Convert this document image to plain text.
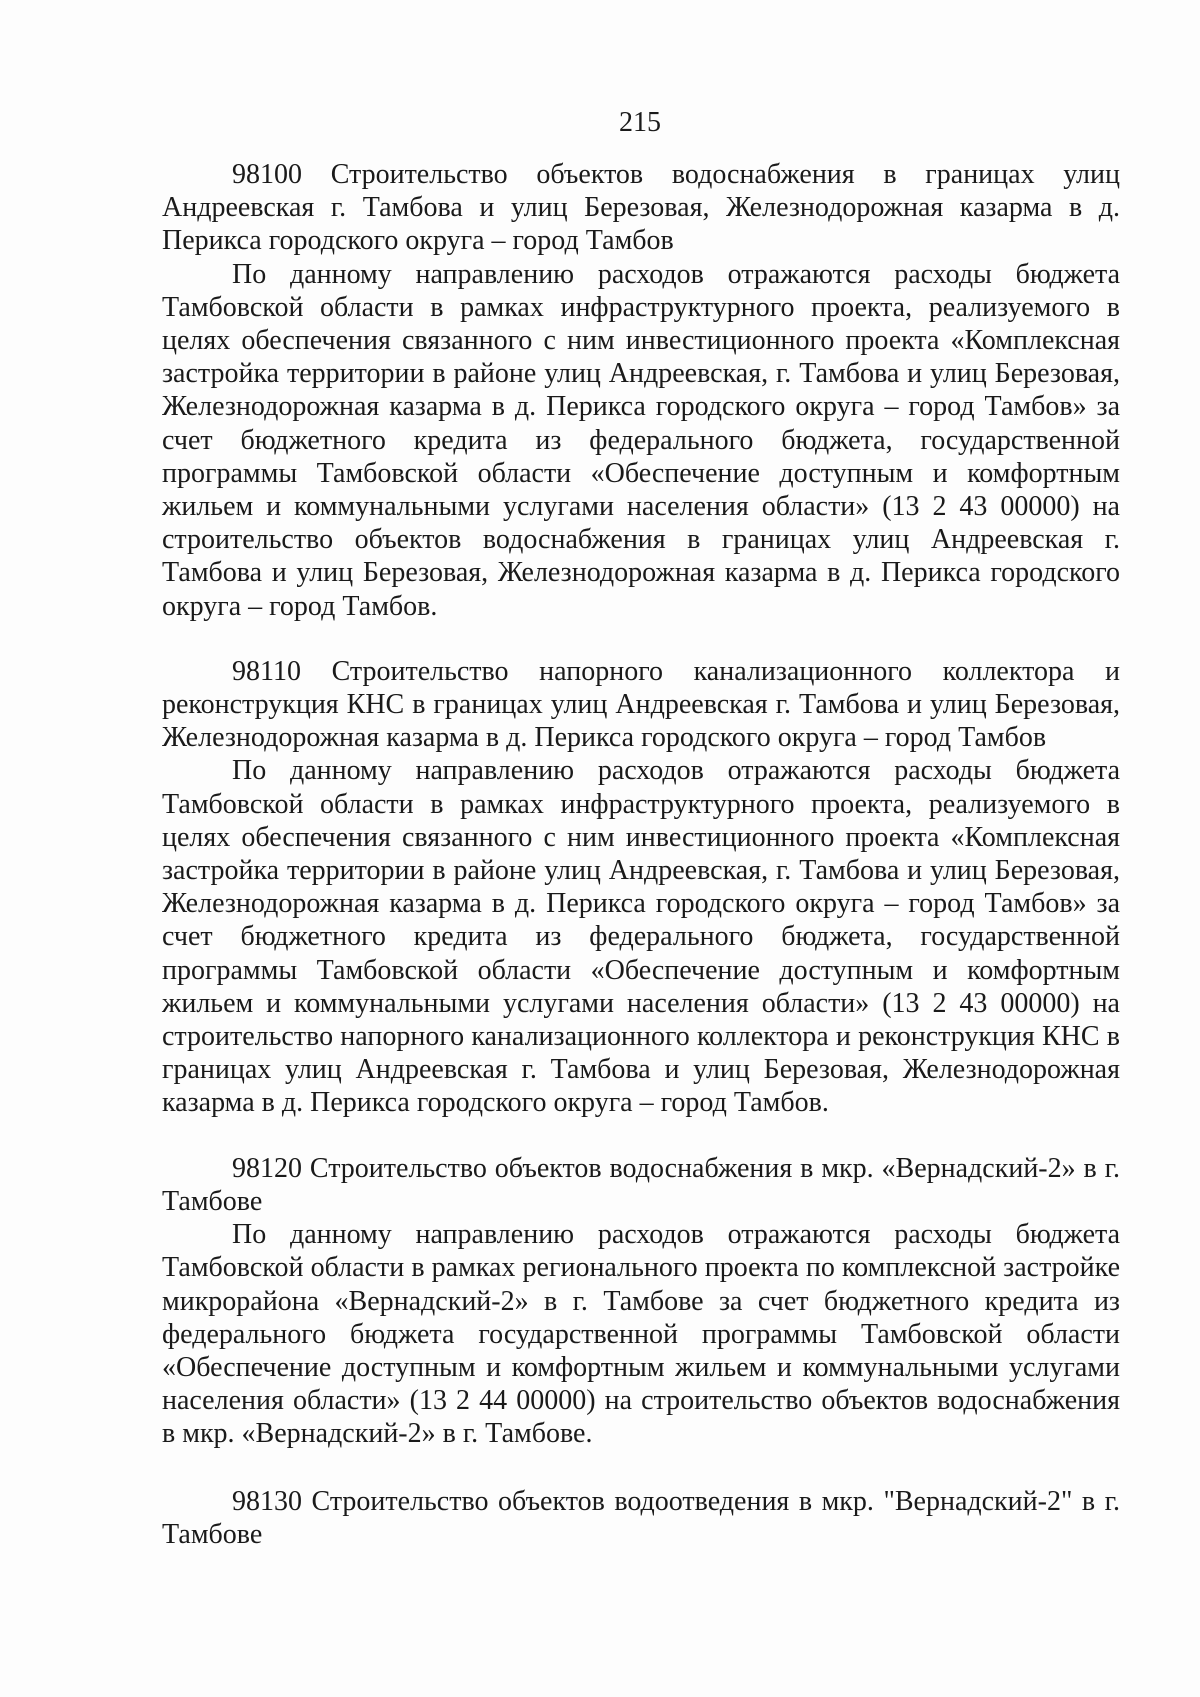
215

98100 Строительство объектов водоснабжения в границах улиц Андреевская г. Тамбова и улиц Березовая, Железнодорожная казарма в д. Перикса городского округа – город Тамбов

По данному направлению расходов отражаются расходы бюджета Тамбовской области в рамках инфраструктурного проекта, реализуемого в целях обеспечения связанного с ним инвестиционного проекта «Комплексная застройка территории в районе улиц Андреевская, г. Тамбова и улиц Березовая, Железнодорожная казарма в д. Перикса городского округа – город Тамбов» за счет бюджетного кредита из федерального бюджета, государственной программы Тамбовской области «Обеспечение доступным и комфортным жильем и коммунальными услугами населения области» (13 2 43 00000) на строительство объектов водоснабжения в границах улиц Андреевская г. Тамбова и улиц Березовая, Железнодорожная казарма в д. Перикса городского округа – город Тамбов.

98110 Строительство напорного канализационного коллектора и реконструкция КНС в границах улиц Андреевская г. Тамбова и улиц Березовая, Железнодорожная казарма в д. Перикса городского округа – город Тамбов

По данному направлению расходов отражаются расходы бюджета Тамбовской области в рамках инфраструктурного проекта, реализуемого в целях обеспечения связанного с ним инвестиционного проекта «Комплексная застройка территории в районе улиц Андреевская, г. Тамбова и улиц Березовая, Железнодорожная казарма в д. Перикса городского округа – город Тамбов» за счет бюджетного кредита из федерального бюджета, государственной программы Тамбовской области «Обеспечение доступным и комфортным жильем и коммунальными услугами населения области» (13 2 43 00000) на строительство напорного канализационного коллектора и реконструкция КНС в границах улиц Андреевская г. Тамбова и улиц Березовая, Железнодорожная казарма в д. Перикса городского округа – город Тамбов.

98120 Строительство объектов водоснабжения в мкр. «Вернадский-2» в г. Тамбове

По данному направлению расходов отражаются расходы бюджета Тамбовской области в рамках регионального проекта по комплексной застройке микрорайона «Вернадский-2» в г. Тамбове за счет бюджетного кредита из федерального бюджета государственной программы Тамбовской области «Обеспечение доступным и комфортным жильем и коммунальными услугами населения области» (13 2 44 00000) на строительство объектов водоснабжения в мкр. «Вернадский-2» в г. Тамбове.

98130 Строительство объектов водоотведения в мкр. "Вернадский-2" в г. Тамбове
